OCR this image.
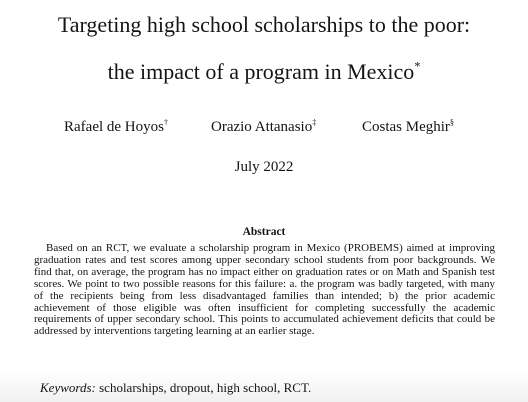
Targeting high school scholarships to the poor:
the impact of a program in Mexico*
Rafael de Hoyos†	Orazio Attanasio‡	Costas Meghir§
July 2022
Abstract

Based on an RCT, we evaluate a scholarship program in Mexico (PROBEMS) aimed at improving graduation rates and test scores among upper secondary school students from poor backgrounds. We find that, on average, the program has no impact either on graduation rates or on Math and Spanish test scores. We point to two possible reasons for this failure: a. the program was badly targeted, with many of the recipients being from less disadvantaged families than intended; b) the prior academic achievement of those eligible was often insufficient for completing successfully the academic requirements of upper secondary school. This points to accumulated achievement deficits that could be addressed by interventions targeting learning at an earlier stage.

Keywords: scholarships, dropout, high school, RCT.
